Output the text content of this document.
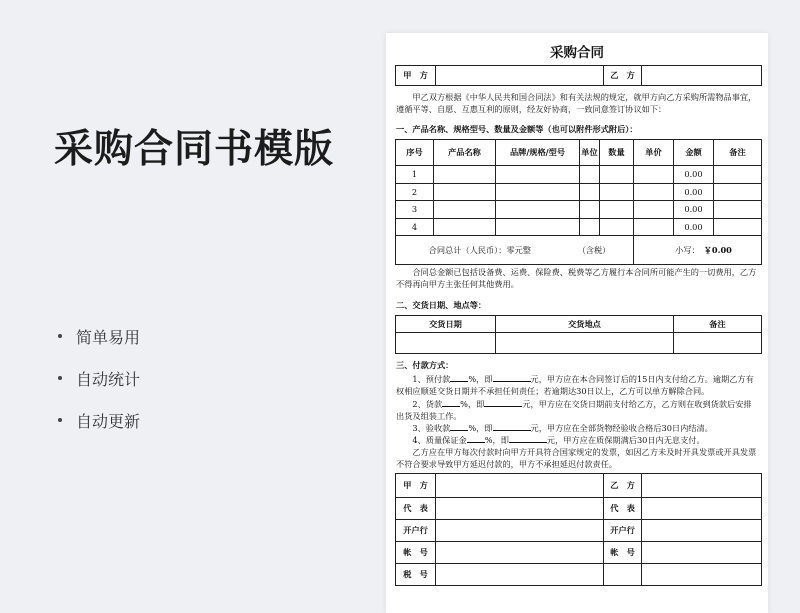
采购合同书模版
简单易用
自动统计
自动更新
采购合同
甲　方		乙　方	
甲乙双方根据《中华人民共和国合同法》和有关法规的规定，就甲方向乙方采购所需物品事宜，遵循平等、自愿、互惠互利的原则，经友好协商，一致同意签订协议如下：
一、产品名称、规格型号、数量及金额等（也可以附件形式附后）：
序号	产品名称	品牌/规格/型号	单位	数量	单价	金额	备注
1						0.00	
2						0.00	
3						0.00	
4						0.00	
合同总计（人民币）：零元整 （含税）					小写： ￥0.00		
合同总金额已包括设备费、运费、保险费、税费等乙方履行本合同所可能产生的一切费用，乙方不得再向甲方主张任何其他费用。
二、交货日期、地点等：
交货日期	交货地点	备注

三、付款方式：
1、预付款 %，即	元，甲方应在本合同签订后的15日内支付给乙方。逾期乙方有权相应顺延交货日期并不承担任何责任；若逾期达30日以上，乙方可以单方解除合同。
2、货款 %，即	元，甲方应在交货日期前支付给乙方，乙方则在收到货款后安排出货及组装工作。
3、验收款 %，即	元，甲方应在全部货物经验收合格后30日内结清。
4、质量保证金 %，即	元，甲方应在质保期满后30日内无息支付。
乙方应在甲方每次付款时向甲方开具符合国家规定的发票，如因乙方未及时开具发票或开具发票不符合要求导致甲方延迟付款的，甲方不承担延迟付款责任。
甲　方		乙　方	
代　表		代　表	
开户行		开户行	
帐　号		帐　号	
税　号			
